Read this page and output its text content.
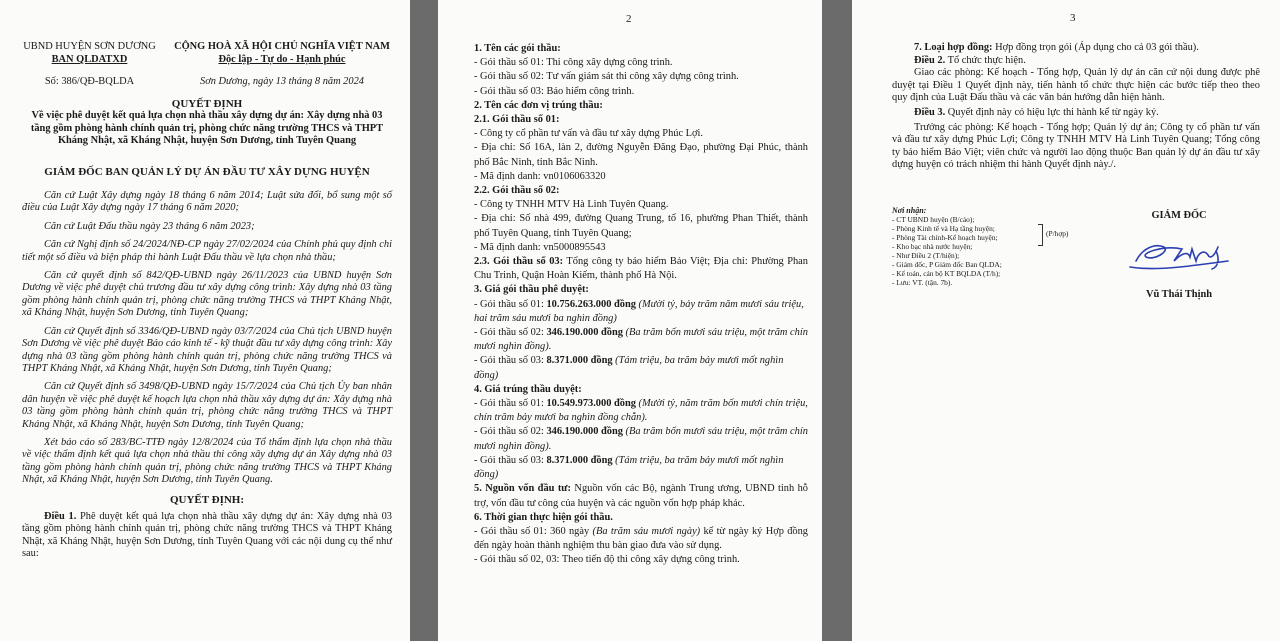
UBND HUYỆN SƠN DƯƠNG

BAN QLDATXD

Số: 386/QĐ-BQLDA

CỘNG HOÀ XÃ HỘI CHỦ NGHĨA VIỆT NAM

Độc lập - Tự do - Hạnh phúc

Sơn Dương, ngày 13 tháng 8 năm 2024

QUYẾT ĐỊNH

Về việc phê duyệt kết quả lựa chọn nhà thầu xây dựng dự án: Xây dựng nhà 03 tầng gồm phòng hành chính quản trị, phòng chức năng trường THCS và THPT Kháng Nhật, xã Kháng Nhật, huyện Sơn Dương, tỉnh Tuyên Quang

GIÁM ĐỐC BAN QUẢN LÝ DỰ ÁN ĐẦU TƯ XÂY DỰNG HUYỆN

Căn cứ Luật Xây dựng ngày 18 tháng 6 năm 2014; Luật sửa đổi, bổ sung một số điều của Luật Xây dựng ngày 17 tháng 6 năm 2020;

Căn cứ Luật Đấu thầu ngày 23 tháng 6 năm 2023;

Căn cứ Nghị định số 24/2024/NĐ-CP ngày 27/02/2024 của Chính phủ quy định chi tiết một số điều và biện pháp thi hành Luật Đấu thầu về lựa chọn nhà thầu;

Căn cứ quyết định số 842/QĐ-UBND ngày 26/11/2023 của UBND huyện Sơn Dương về việc phê duyệt chủ trương đầu tư xây dựng công trình: Xây dựng nhà 03 tầng gồm phòng hành chính quản trị, phòng chức năng trường THCS và THPT Kháng Nhật, xã Kháng Nhật, huyện Sơn Dương, tỉnh Tuyên Quang;

Căn cứ Quyết định số 3346/QĐ-UBND ngày 03/7/2024 của Chủ tịch UBND huyện Sơn Dương về việc phê duyệt Báo cáo kinh tế - kỹ thuật đầu tư xây dựng công trình: Xây dựng nhà 03 tầng gồm phòng hành chính quản trị, phòng chức năng trường THCS và THPT Kháng Nhật, xã Kháng Nhật, huyện Sơn Dương, tỉnh Tuyên Quang;

Căn cứ Quyết định số 3498/QĐ-UBND ngày 15/7/2024 của Chủ tịch Ủy ban nhân dân huyện về việc phê duyệt kế hoạch lựa chọn nhà thầu xây dựng dự án: Xây dựng nhà 03 tầng gồm phòng hành chính quản trị, phòng chức năng trường THCS và THPT Kháng Nhật, xã Kháng Nhật, huyện Sơn Dương, tỉnh Tuyên Quang;

Xét báo cáo số 283/BC-TTĐ ngày 12/8/2024 của Tổ thẩm định lựa chọn nhà thầu về việc thẩm định kết quả lựa chọn nhà thầu thi công xây dựng dự án Xây dựng nhà 03 tầng gồm phòng hành chính quản trị, phòng chức năng trường THCS và THPT Kháng Nhật, xã Kháng Nhật, huyện Sơn Dương, tỉnh Tuyên Quang.

QUYẾT ĐỊNH:

Điều 1. Phê duyệt kết quả lựa chọn nhà thầu xây dựng dự án: Xây dựng nhà 03 tầng gồm phòng hành chính quản trị, phòng chức năng trường THCS và THPT Kháng Nhật, xã Kháng Nhật, huyện Sơn Dương, tỉnh Tuyên Quang với các nội dung cụ thể như sau:

2

1. Tên các gói thầu:

- Gói thầu số 01: Thi công xây dựng công trình.

- Gói thầu số 02: Tư vấn giám sát thi công xây dựng công trình.

- Gói thầu số 03: Bảo hiểm công trình.

2. Tên các đơn vị trúng thầu:

2.1. Gói thầu số 01:

- Công ty cổ phần tư vấn và đầu tư xây dựng Phúc Lợi.

- Địa chỉ: Số 16A, làn 2, đường Nguyễn Đăng Đạo, phường Đại Phúc, thành phố Bắc Ninh, tỉnh Bắc Ninh.

- Mã định danh: vn0106063320

2.2. Gói thầu số 02:

- Công ty TNHH MTV Hà Linh Tuyên Quang.

- Địa chỉ: Số nhà 499, đường Quang Trung, tổ 16, phường Phan Thiết, thành phố Tuyên Quang, tỉnh Tuyên Quang;

- Mã định danh: vn5000895543

2.3. Gói thầu số 03: Tổng công ty bảo hiểm Bảo Việt; Địa chỉ: Phường Phan Chu Trinh, Quận Hoàn Kiếm, thành phố Hà Nội.

3. Giá gói thầu phê duyệt:

- Gói thầu số 01: 10.756.263.000 đồng (Mười tỷ, bảy trăm năm mươi sáu triệu, hai trăm sáu mươi ba nghìn đồng)

- Gói thầu số 02: 346.190.000 đồng (Ba trăm bốn mươi sáu triệu, một trăm chín mươi nghìn đồng).

- Gói thầu số 03: 8.371.000 đồng (Tám triệu, ba trăm bảy mươi mốt nghìn đồng)

4. Giá trúng thầu duyệt:

- Gói thầu số 01: 10.549.973.000 đồng (Mười tỷ, năm trăm bốn mươi chín triệu, chín trăm bảy mươi ba nghìn đồng chẵn).

- Gói thầu số 02: 346.190.000 đồng (Ba trăm bốn mươi sáu triệu, một trăm chín mươi nghìn đồng).

- Gói thầu số 03: 8.371.000 đồng (Tám triệu, ba trăm bảy mươi mốt nghìn đồng)

5. Nguồn vốn đầu tư: Nguồn vốn các Bộ, ngành Trung ương, UBND tỉnh hỗ trợ, vốn đầu tư công của huyện và các nguồn vốn hợp pháp khác.

6. Thời gian thực hiện gói thầu.

- Gói thầu số 01: 360 ngày (Ba trăm sáu mươi ngày) kể từ ngày ký Hợp đồng đến ngày hoàn thành nghiệm thu bàn giao đưa vào sử dụng.

- Gói thầu số 02, 03: Theo tiến độ thi công xây dựng công trình.

3

7. Loại hợp đồng: Hợp đồng trọn gói (Áp dụng cho cả 03 gói thầu).

Điều 2. Tổ chức thực hiện.

Giao các phòng: Kế hoạch - Tổng hợp, Quản lý dự án căn cứ nội dung được phê duyệt tại Điều 1 Quyết định này, tiến hành tổ chức thực hiện các bước tiếp theo theo quy định của Luật Đấu thầu và các văn bản hướng dẫn hiện hành.

Điều 3. Quyết định này có hiệu lực thi hành kể từ ngày ký.

Trưởng các phòng: Kế hoạch - Tổng hợp; Quản lý dự án; Công ty cổ phần tư vấn và đầu tư xây dựng Phúc Lợi; Công ty TNHH MTV Hà Linh Tuyên Quang; Tổng công ty bảo hiểm Bảo Việt; viên chức và người lao động thuộc Ban quản lý dự án đầu tư xây dựng huyện có trách nhiệm thi hành Quyết định này./.

Nơi nhận:

- CT UBND huyện (B/cáo);

- Phòng Kinh tế và Hạ tầng huyện;

- Phòng Tài chính-Kế hoạch huyện;

- Kho bạc nhà nước huyện;

- Như Điều 2 (T/hiện);

- Giám đốc, P Giám đốc Ban QLDA;

- Kế toán, cán bộ KT BQLDA (T/h);

- Lưu: VT. (tận. 7b).

(P/hợp)

GIÁM ĐỐC

Vũ Thái Thịnh
